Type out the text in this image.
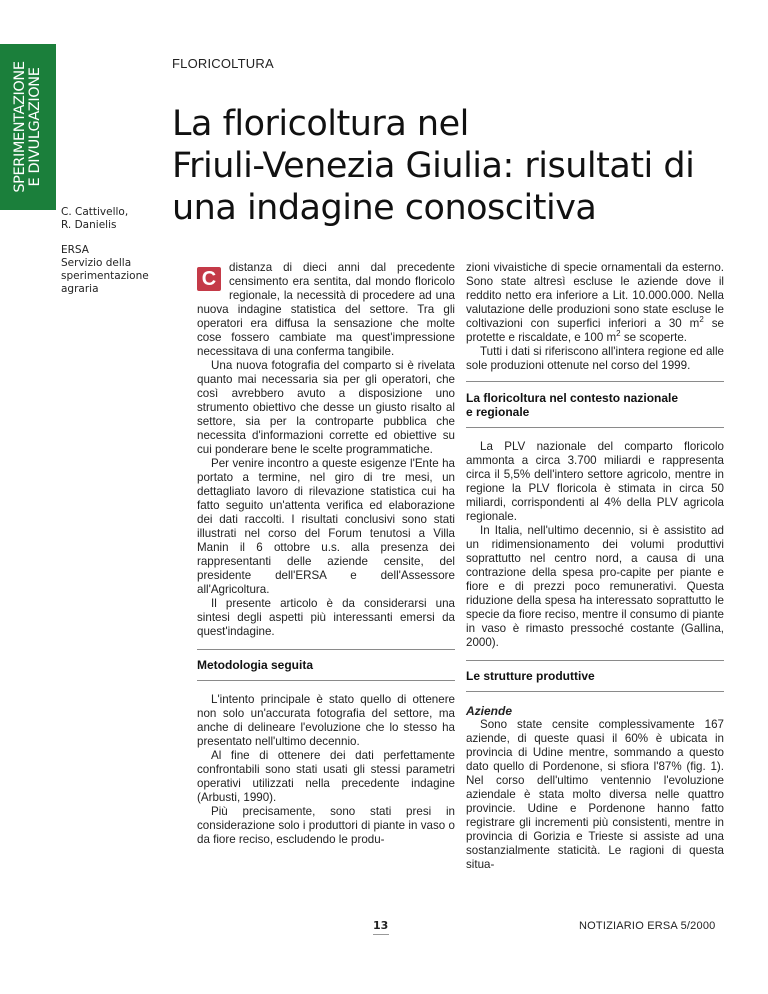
SPERIMENTAZIONE E DIVULGAZIONE
FLORICOLTURA
La floricoltura nel
Friuli-Venezia Giulia: risultati di
una indagine conoscitiva
C. Cattivello,
R. Danielis
ERSA
Servizio della
sperimentazione
agraria	C

distanza di dieci anni dal precedente censimento era sentita, dal mondo floricolo regionale, la necessità di procedere ad una nuova indagine statistica del settore. Tra gli operatori era diffusa la sensazione che molte cose fossero cambiate ma quest'impressione necessitava di una conferma tangibile.

Una nuova fotografia del comparto si è rivelata quanto mai necessaria sia per gli operatori, che così avrebbero avuto a disposizione uno strumento obiettivo che desse un giusto risalto al settore, sia per la controparte pubblica che necessita d'informazioni corrette ed obiettive su cui ponderare bene le scelte programmatiche.

Per venire incontro a queste esigenze l'Ente ha portato a termine, nel giro di tre mesi, un dettagliato lavoro di rilevazione statistica cui ha fatto seguito un'attenta verifica ed elaborazione dei dati raccolti. I risultati conclusivi sono stati illustrati nel corso del Forum tenutosi a Villa Manin il 6 ottobre u.s. alla presenza dei rappresentanti delle aziende censite, del presidente dell'ERSA e dell'Assessore all'Agricoltura.

Il presente articolo è da considerarsi una sintesi degli aspetti più interessanti emersi da quest'indagine.

Metodologia seguita

L'intento principale è stato quello di ottenere non solo un'accurata fotografia del settore, ma anche di delineare l'evoluzione che lo stesso ha presentato nell'ultimo decennio.

Al fine di ottenere dei dati perfettamente confrontabili sono stati usati gli stessi parametri operativi utilizzati nella precedente indagine (Arbusti, 1990).

Più precisamente, sono stati presi in considerazione solo i produttori di piante in vaso o da fiore reciso, escludendo le produ-

zioni vivaistiche di specie ornamentali da esterno. Sono state altresì escluse le aziende dove il reddito netto era inferiore a Lit. 10.000.000. Nella valutazione delle produzioni sono state escluse le coltivazioni con superfici inferiori a 30 $m^2$ se protette e riscaldate, e 100 $m^2$ se scoperte.

Tutti i dati si riferiscono all'intera regione ed alle sole produzioni ottenute nel corso del 1999.

La floricoltura nel contesto nazionale
e regionale

La PLV nazionale del comparto floricolo ammonta a circa 3.700 miliardi e rappresenta circa il 5,5% dell'intero settore agricolo, mentre in regione la PLV floricola è stimata in circa 50 miliardi, corrispondenti al 4% della PLV agricola regionale.

In Italia, nell'ultimo decennio, si è assistito ad un ridimensionamento dei volumi produttivi soprattutto nel centro nord, a causa di una contrazione della spesa pro-capite per piante e fiore e di prezzi poco remunerativi. Questa riduzione della spesa ha interessato soprattutto le specie da fiore reciso, mentre il consumo di piante in vaso è rimasto pressoché costante (Gallina, 2000).

Le strutture produttive
Aziende

Sono state censite complessivamente 167 aziende, di queste quasi il 60% è ubicata in provincia di Udine mentre, sommando a questo dato quello di Pordenone, si sfiora l'87% (fig. 1). Nel corso dell'ultimo ventennio l'evoluzione aziendale è stata molto diversa nelle quattro provincie. Udine e Pordenone hanno fatto registrare gli incrementi più consistenti, mentre in provincia di Gorizia e Trieste si assiste ad una sostanzialmente staticità. Le ragioni di questa situa-

13	NOTIZIARIO ERSA 5/2000
